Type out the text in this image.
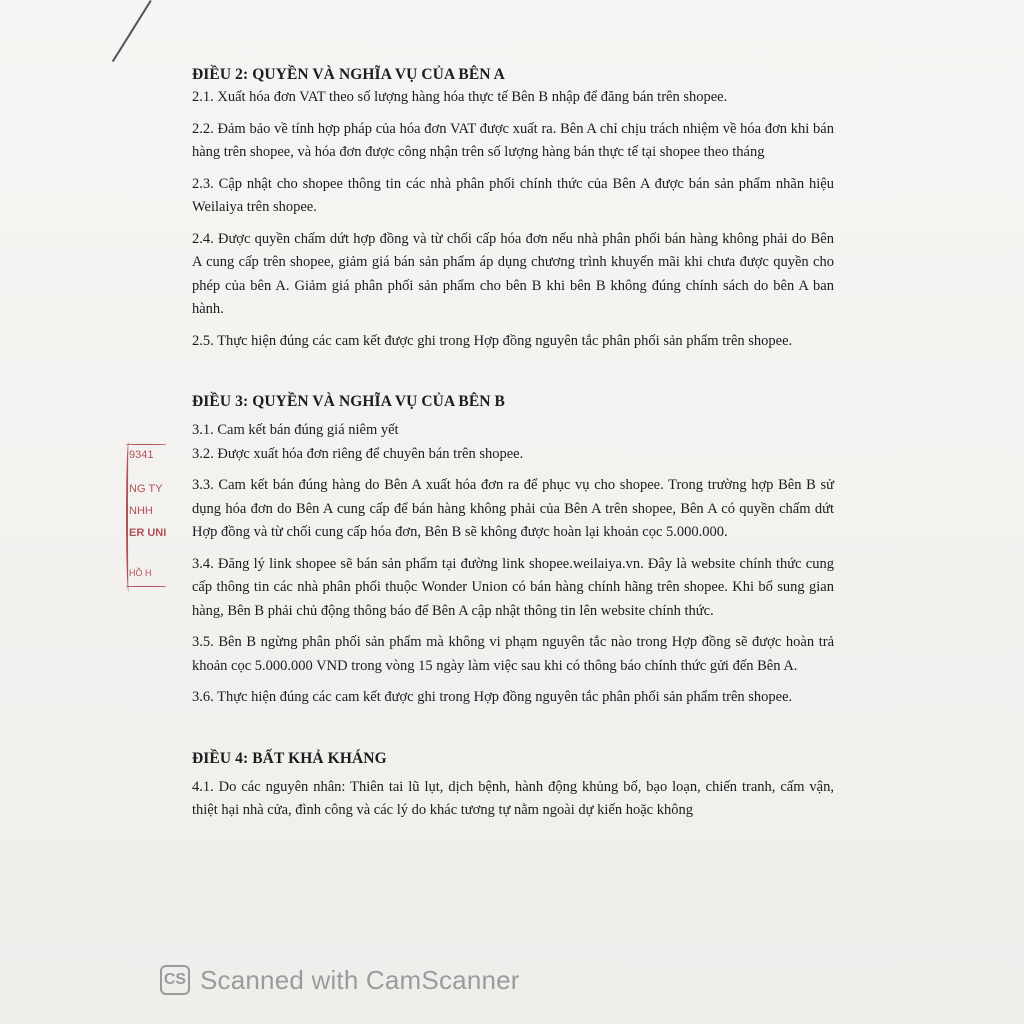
9341
NG TY
NHH
ER UNI
HỒ H
ĐIỀU 2: QUYỀN VÀ NGHĨA VỤ CỦA BÊN A

2.1. Xuất hóa đơn VAT theo số lượng hàng hóa thực tế Bên B nhập để đăng bán trên shopee.

2.2. Đảm bảo về tính hợp pháp của hóa đơn VAT được xuất ra. Bên A chỉ chịu trách nhiệm về hóa đơn khi bán hàng trên shopee, và hóa đơn được công nhận trên số lượng hàng bán thực tế tại shopee theo tháng

2.3. Cập nhật cho shopee thông tin các nhà phân phối chính thức của Bên A được bán sản phẩm nhãn hiệu Weilaiya trên shopee.

2.4. Được quyền chấm dứt hợp đồng và từ chối cấp hóa đơn nếu nhà phân phối bán hàng không phải do Bên A cung cấp trên shopee, giảm giá bán sản phẩm áp dụng chương trình khuyến mãi khi chưa được quyền cho phép của bên A. Giảm giá phân phối sản phẩm cho bên B khi bên B không đúng chính sách do bên A ban hành.

2.5. Thực hiện đúng các cam kết được ghi trong Hợp đồng nguyên tắc phân phối sản phẩm trên shopee.

ĐIỀU 3: QUYỀN VÀ NGHĨA VỤ CỦA BÊN B

3.1. Cam kết bán đúng giá niêm yết

3.2. Được xuất hóa đơn riêng để chuyên bán trên shopee.

3.3. Cam kết bán đúng hàng do Bên A xuất hóa đơn ra để phục vụ cho shopee. Trong trường hợp Bên B sử dụng hóa đơn do Bên A cung cấp để bán hàng không phải của Bên A trên shopee, Bên A có quyền chấm dứt Hợp đồng và từ chối cung cấp hóa đơn, Bên B sẽ không được hoàn lại khoản cọc 5.000.000.

3.4. Đăng lý link shopee sẽ bán sản phẩm tại đường link shopee.weilaiya.vn. Đây là website chính thức cung cấp thông tin các nhà phân phối thuộc Wonder Union có bán hàng chính hãng trên shopee. Khi bổ sung gian hàng, Bên B phải chủ động thông báo để Bên A cập nhật thông tin lên website chính thức.

3.5. Bên B ngừng phân phối sản phẩm mà không vi phạm nguyên tắc nào trong Hợp đồng sẽ được hoàn trả khoản cọc 5.000.000 VND trong vòng 15 ngày làm việc sau khi có thông báo chính thức gửi đến Bên A.

3.6. Thực hiện đúng các cam kết được ghi trong Hợp đồng nguyên tắc phân phối sản phẩm trên shopee.

ĐIỀU 4: BẤT KHẢ KHÁNG

4.1. Do các nguyên nhân: Thiên tai lũ lụt, dịch bệnh, hành động khủng bố, bạo loạn, chiến tranh, cấm vận, thiệt hại nhà cửa, đình công và các lý do khác tương tự nằm ngoài dự kiến hoặc không

CS Scanned with CamScanner
